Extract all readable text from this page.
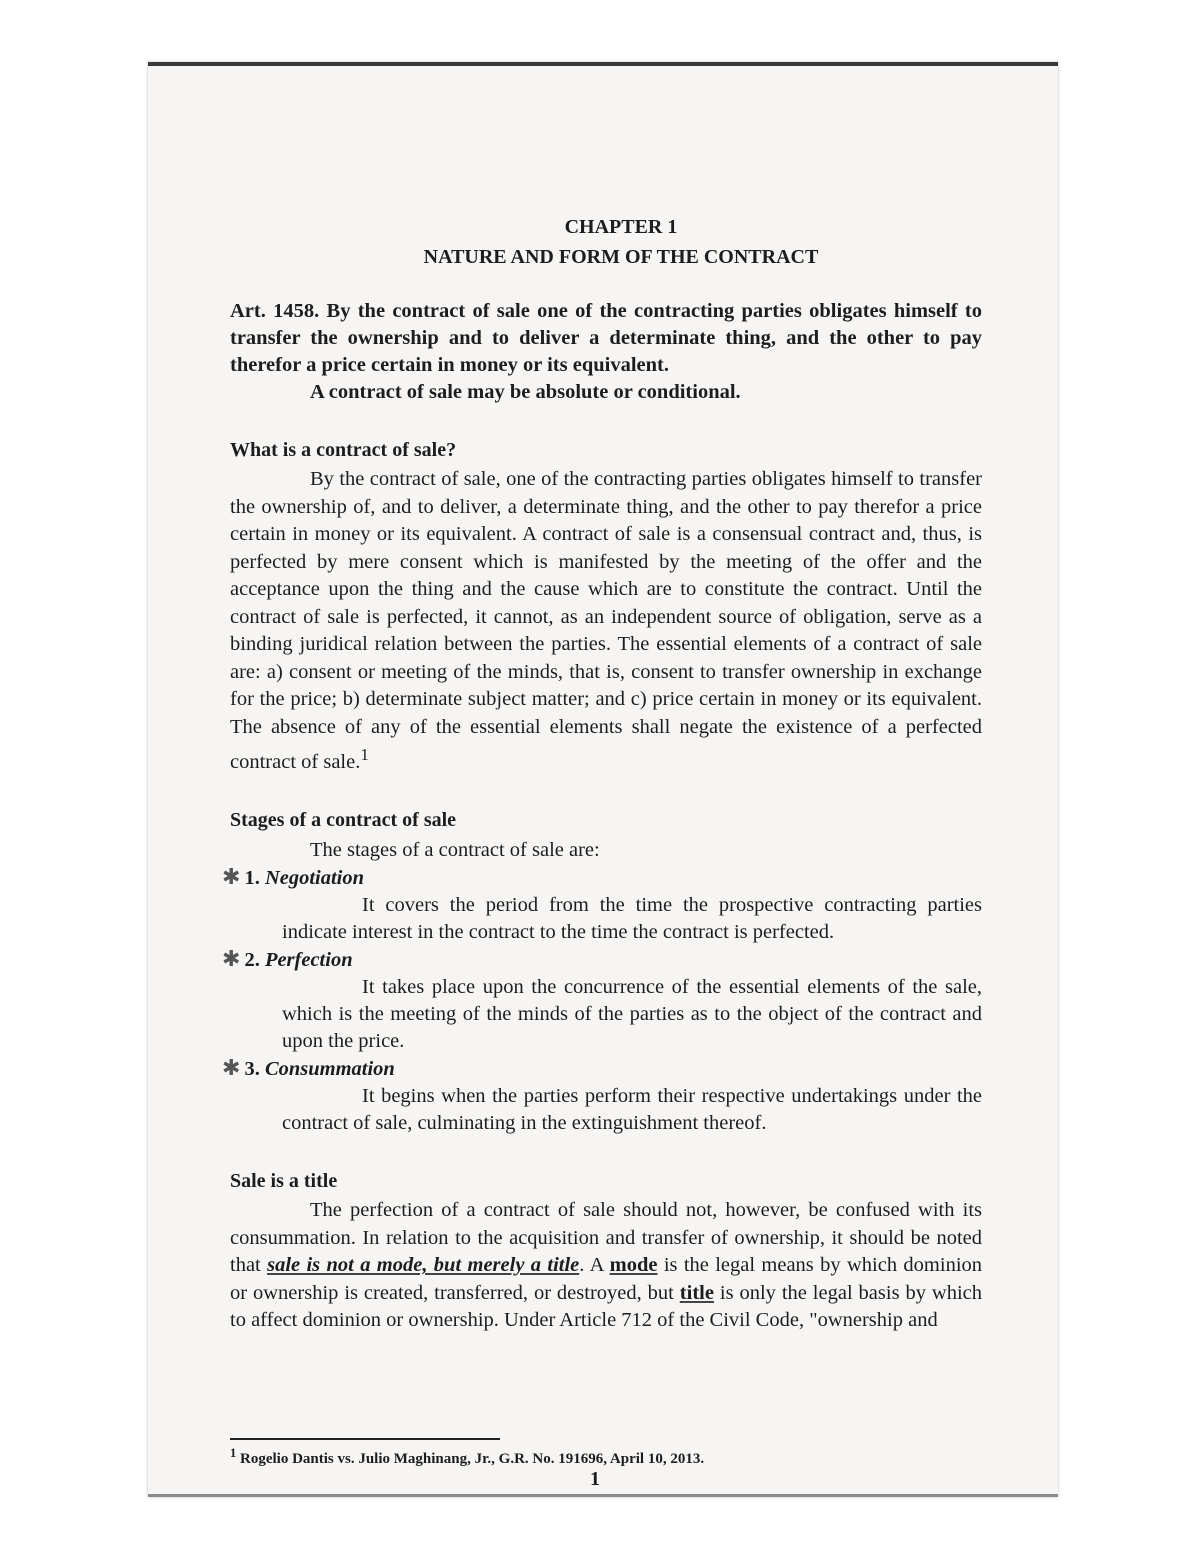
CHAPTER 1
NATURE AND FORM OF THE CONTRACT
Art. 1458. By the contract of sale one of the contracting parties obligates himself to transfer the ownership and to deliver a determinate thing, and the other to pay therefor a price certain in money or its equivalent.
A contract of sale may be absolute or conditional.
What is a contract of sale?

By the contract of sale, one of the contracting parties obligates himself to transfer the ownership of, and to deliver, a determinate thing, and the other to pay therefor a price certain in money or its equivalent. A contract of sale is a consensual contract and, thus, is perfected by mere consent which is manifested by the meeting of the offer and the acceptance upon the thing and the cause which are to constitute the contract. Until the contract of sale is perfected, it cannot, as an independent source of obligation, serve as a binding juridical relation between the parties. The essential elements of a contract of sale are: a) consent or meeting of the minds, that is, consent to transfer ownership in exchange for the price; b) determinate subject matter; and c) price certain in money or its equivalent. The absence of any of the essential elements shall negate the existence of a perfected contract of sale.$^1$

Stages of a contract of sale
The stages of a contract of sale are:
✱ 1. Negotiation

It covers the period from the time the prospective contracting parties indicate interest in the contract to the time the contract is perfected.

✱ 2. Perfection

It takes place upon the concurrence of the essential elements of the sale, which is the meeting of the minds of the parties as to the object of the contract and upon the price.

✱ 3. Consummation

It begins when the parties perform their respective undertakings under the contract of sale, culminating in the extinguishment thereof.

Sale is a title

The perfection of a contract of sale should not, however, be confused with its consummation. In relation to the acquisition and transfer of ownership, it should be noted that sale is not a mode, but merely a title. A mode is the legal means by which dominion or ownership is created, transferred, or destroyed, but title is only the legal basis by which to affect dominion or ownership. Under Article 712 of the Civil Code, "ownership and

$^1$ Rogelio Dantis vs. Julio Maghinang, Jr., G.R. No. 191696, April 10, 2013.
1
